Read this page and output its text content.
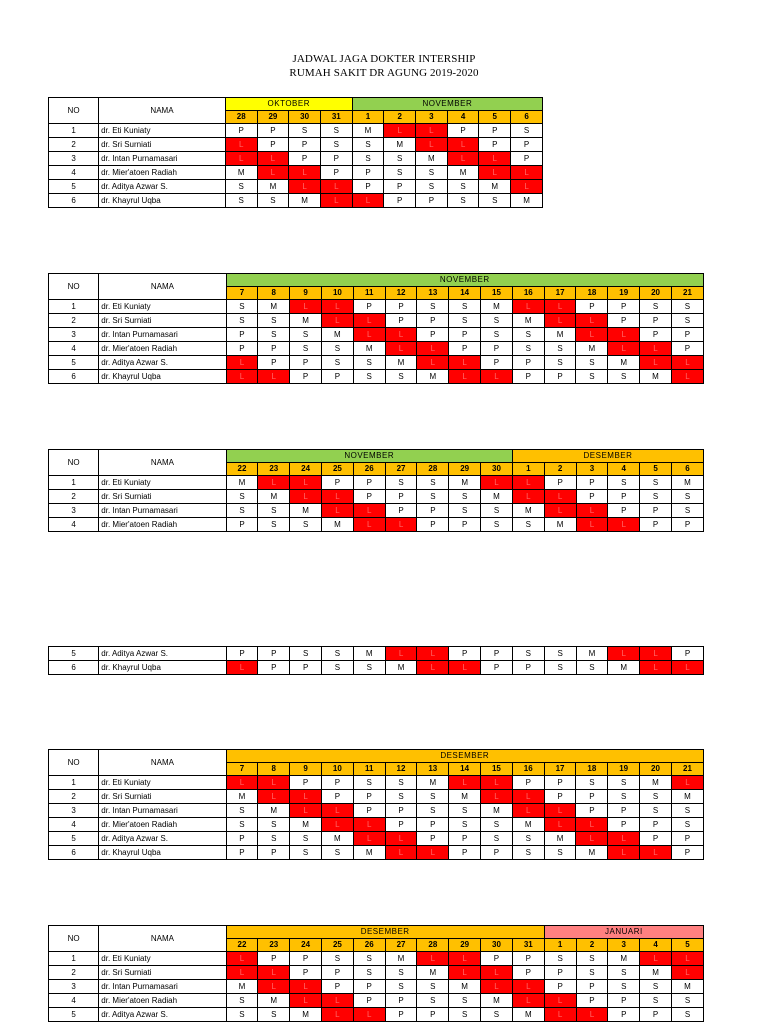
JADWAL JAGA DOKTER INTERSHIP
RUMAH SAKIT DR AGUNG 2019-2020
NO	NAMA	OKTOBER				NOVEMBER					
		28	29	30	31	1	2	3	4	5	6
1	dr. Eti Kuniaty	P	P	S	S	M	L	L	P	P	S
2	dr. Sri Surniati	L	P	P	S	S	M	L	L	P	P
3	dr. Intan Purnamasari	L	L	P	P	S	S	M	L	L	P
4	dr. Mier'atoen Radiah	M	L	L	P	P	S	S	M	L	L
5	dr. Aditya Azwar S.	S	M	L	L	P	P	S	S	M	L
6	dr. Khayrul Uqba	S	S	M	L	L	P	P	S	S	M
NO	NAMA	NOVEMBER														
		7	8	9	10	11	12	13	14	15	16	17	18	19	20	21
1	dr. Eti Kuniaty	S	M	L	L	P	P	S	S	M	L	L	P	P	S	S
2	dr. Sri Surniati	S	S	M	L	L	P	P	S	S	M	L	L	P	P	S
3	dr. Intan Purnamasari	P	S	S	M	L	L	P	P	S	S	M	L	L	P	P
4	dr. Mier'atoen Radiah	P	P	S	S	M	L	L	P	P	S	S	M	L	L	P
5	dr. Aditya Azwar S.	L	P	P	S	S	M	L	L	P	P	S	S	M	L	L
6	dr. Khayrul Uqba	L	L	P	P	S	S	M	L	L	P	P	S	S	M	L
NO	NAMA	NOVEMBER									DESEMBER					
		22	23	24	25	26	27	28	29	30	1	2	3	4	5	6
1	dr. Eti Kuniaty	M	L	L	P	P	S	S	M	L	L	P	P	S	S	M
2	dr. Sri Surniati	S	M	L	L	P	P	S	S	M	L	L	P	P	S	S
3	dr. Intan Purnamasari	S	S	M	L	L	P	P	S	S	M	L	L	P	P	S
4	dr. Mier'atoen Radiah	P	S	S	M	L	L	P	P	S	S	M	L	L	P	P
5	dr. Aditya Azwar S.	P	P	S	S	M	L	L	P	P	S	S	M	L	L	P
6	dr. Khayrul Uqba	L	P	P	S	S	M	L	L	P	P	S	S	M	L	L
NO	NAMA	DESEMBER														
		7	8	9	10	11	12	13	14	15	16	17	18	19	20	21
1	dr. Eti Kuniaty	L	L	P	P	S	S	M	L	L	P	P	S	S	M	L
2	dr. Sri Surniati	M	L	L	P	P	S	S	M	L	L	P	P	S	S	M
3	dr. Intan Purnamasari	S	M	L	L	P	P	S	S	M	L	L	P	P	S	S
4	dr. Mier'atoen Radiah	S	S	M	L	L	P	P	S	S	M	L	L	P	P	S
5	dr. Aditya Azwar S.	P	S	S	M	L	L	P	P	S	S	M	L	L	P	P
6	dr. Khayrul Uqba	P	P	S	S	M	L	L	P	P	S	S	M	L	L	P
NO	NAMA	DESEMBER										JANUARI				
		22	23	24	25	26	27	28	29	30	31	1	2	3	4	5
1	dr. Eti Kuniaty	L	P	P	S	S	M	L	L	P	P	S	S	M	L	L
2	dr. Sri Surniati	L	L	P	P	S	S	M	L	L	P	P	S	S	M	L
3	dr. Intan Purnamasari	M	L	L	P	P	S	S	M	L	L	P	P	S	S	M
4	dr. Mier'atoen Radiah	S	M	L	L	P	P	S	S	M	L	L	P	P	S	S
5	dr. Aditya Azwar S.	S	S	M	L	L	P	P	S	S	M	L	L	P	P	S
